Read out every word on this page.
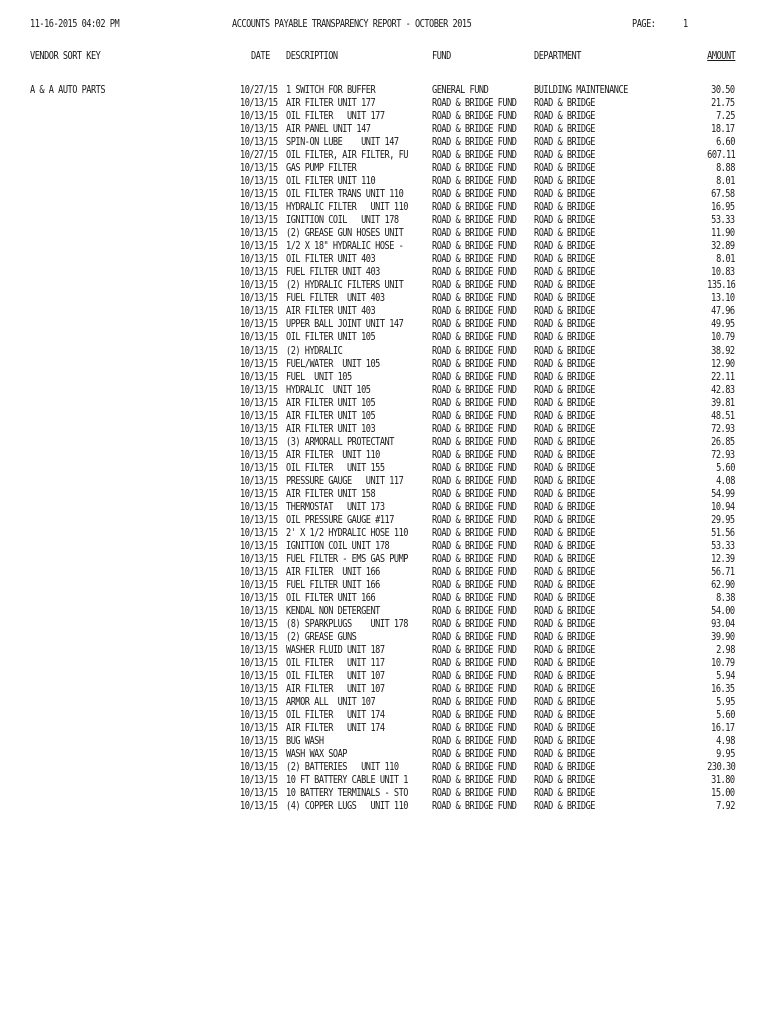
11-16-2015 04:02 PM	ACCOUNTS PAYABLE TRANSPARENCY REPORT - OCTOBER 2015	PAGE:	1
VENDOR SORT KEY	DATE DESCRIPTION	FUND	DEPARTMENT	AMOUNT
A & A AUTO PARTS	10/27/15 1 SWITCH FOR BUFFER	GENERAL FUND	BUILDING MAINTENANCE	30.50
10/13/15 AIR FILTER UNIT 177	ROAD & BRIDGE FUND ROAD & BRIDGE	21.75
10/13/15 OIL FILTER   UNIT 177	ROAD & BRIDGE FUND ROAD & BRIDGE	7.25
10/13/15 AIR PANEL UNIT 147	ROAD & BRIDGE FUND ROAD & BRIDGE	18.17
10/13/15 SPIN-ON LUBE    UNIT 147	ROAD & BRIDGE FUND ROAD & BRIDGE	6.60
10/27/15 OIL FILTER, AIR FILTER, FU ROAD & BRIDGE FUND ROAD & BRIDGE	607.11
10/13/15 GAS PUMP FILTER	ROAD & BRIDGE FUND ROAD & BRIDGE	8.88
10/13/15 OIL FILTER UNIT 110	ROAD & BRIDGE FUND ROAD & BRIDGE	8.01
10/13/15 OIL FILTER TRANS UNIT 110	ROAD & BRIDGE FUND ROAD & BRIDGE	67.58
10/13/15 HYDRALIC FILTER   UNIT 110 ROAD & BRIDGE FUND ROAD & BRIDGE	16.95
10/13/15 IGNITION COIL   UNIT 178	ROAD & BRIDGE FUND ROAD & BRIDGE	53.33
10/13/15 (2) GREASE GUN HOSES UNIT	ROAD & BRIDGE FUND ROAD & BRIDGE	11.90
10/13/15 1/2 X 18" HYDRALIC HOSE -	ROAD & BRIDGE FUND ROAD & BRIDGE	32.89
10/13/15 OIL FILTER UNIT 403	ROAD & BRIDGE FUND ROAD & BRIDGE	8.01
10/13/15 FUEL FILTER UNIT 403	ROAD & BRIDGE FUND ROAD & BRIDGE	10.83
10/13/15 (2) HYDRALIC FILTERS UNIT	ROAD & BRIDGE FUND ROAD & BRIDGE	135.16
10/13/15 FUEL FILTER  UNIT 403	ROAD & BRIDGE FUND ROAD & BRIDGE	13.10
10/13/15 AIR FILTER UNIT 403	ROAD & BRIDGE FUND ROAD & BRIDGE	47.96
10/13/15 UPPER BALL JOINT UNIT 147	ROAD & BRIDGE FUND ROAD & BRIDGE	49.95
10/13/15 OIL FILTER UNIT 105	ROAD & BRIDGE FUND ROAD & BRIDGE	10.79
10/13/15 (2) HYDRALIC	ROAD & BRIDGE FUND ROAD & BRIDGE	38.92
10/13/15 FUEL/WATER  UNIT 105	ROAD & BRIDGE FUND ROAD & BRIDGE	12.90
10/13/15 FUEL  UNIT 105	ROAD & BRIDGE FUND ROAD & BRIDGE	22.11
10/13/15 HYDRALIC  UNIT 105	ROAD & BRIDGE FUND ROAD & BRIDGE	42.83
10/13/15 AIR FILTER UNIT 105	ROAD & BRIDGE FUND ROAD & BRIDGE	39.81
10/13/15 AIR FILTER UNIT 105	ROAD & BRIDGE FUND ROAD & BRIDGE	48.51
10/13/15 AIR FILTER UNIT 103	ROAD & BRIDGE FUND ROAD & BRIDGE	72.93
10/13/15 (3) ARMORALL PROTECTANT	ROAD & BRIDGE FUND ROAD & BRIDGE	26.85
10/13/15 AIR FILTER  UNIT 110	ROAD & BRIDGE FUND ROAD & BRIDGE	72.93
10/13/15 OIL FILTER   UNIT 155	ROAD & BRIDGE FUND ROAD & BRIDGE	5.60
10/13/15 PRESSURE GAUGE   UNIT 117	ROAD & BRIDGE FUND ROAD & BRIDGE	4.08
10/13/15 AIR FILTER UNIT 158	ROAD & BRIDGE FUND ROAD & BRIDGE	54.99
10/13/15 THERMOSTAT   UNIT 173	ROAD & BRIDGE FUND ROAD & BRIDGE	10.94
10/13/15 OIL PRESSURE GAUGE #117	ROAD & BRIDGE FUND ROAD & BRIDGE	29.95
10/13/15 2' X 1/2 HYDRALIC HOSE 110 ROAD & BRIDGE FUND ROAD & BRIDGE	51.56
10/13/15 IGNITION COIL UNIT 178	ROAD & BRIDGE FUND ROAD & BRIDGE	53.33
10/13/15 FUEL FILTER - EMS GAS PUMP ROAD & BRIDGE FUND ROAD & BRIDGE	12.39
10/13/15 AIR FILTER  UNIT 166	ROAD & BRIDGE FUND ROAD & BRIDGE	56.71
10/13/15 FUEL FILTER UNIT 166	ROAD & BRIDGE FUND ROAD & BRIDGE	62.90
10/13/15 OIL FILTER UNIT 166	ROAD & BRIDGE FUND ROAD & BRIDGE	8.38
10/13/15 KENDAL NON DETERGENT	ROAD & BRIDGE FUND ROAD & BRIDGE	54.00
10/13/15 (8) SPARKPLUGS    UNIT 178 ROAD & BRIDGE FUND ROAD & BRIDGE	93.04
10/13/15 (2) GREASE GUNS	ROAD & BRIDGE FUND ROAD & BRIDGE	39.90
10/13/15 WASHER FLUID UNIT 187	ROAD & BRIDGE FUND ROAD & BRIDGE	2.98
10/13/15 OIL FILTER   UNIT 117	ROAD & BRIDGE FUND ROAD & BRIDGE	10.79
10/13/15 OIL FILTER   UNIT 107	ROAD & BRIDGE FUND ROAD & BRIDGE	5.94
10/13/15 AIR FILTER   UNIT 107	ROAD & BRIDGE FUND ROAD & BRIDGE	16.35
10/13/15 ARMOR ALL  UNIT 107	ROAD & BRIDGE FUND ROAD & BRIDGE	5.95
10/13/15 OIL FILTER   UNIT 174	ROAD & BRIDGE FUND ROAD & BRIDGE	5.60
10/13/15 AIR FILTER   UNIT 174	ROAD & BRIDGE FUND ROAD & BRIDGE	16.17
10/13/15 BUG WASH	ROAD & BRIDGE FUND ROAD & BRIDGE	4.98
10/13/15 WASH WAX SOAP	ROAD & BRIDGE FUND ROAD & BRIDGE	9.95
10/13/15 (2) BATTERIES   UNIT 110	ROAD & BRIDGE FUND ROAD & BRIDGE	230.30
10/13/15 10 FT BATTERY CABLE UNIT 1 ROAD & BRIDGE FUND ROAD & BRIDGE	31.80
10/13/15 10 BATTERY TERMINALS - STO ROAD & BRIDGE FUND ROAD & BRIDGE	15.00
10/13/15 (4) COPPER LUGS   UNIT 110 ROAD & BRIDGE FUND ROAD & BRIDGE	7.92
